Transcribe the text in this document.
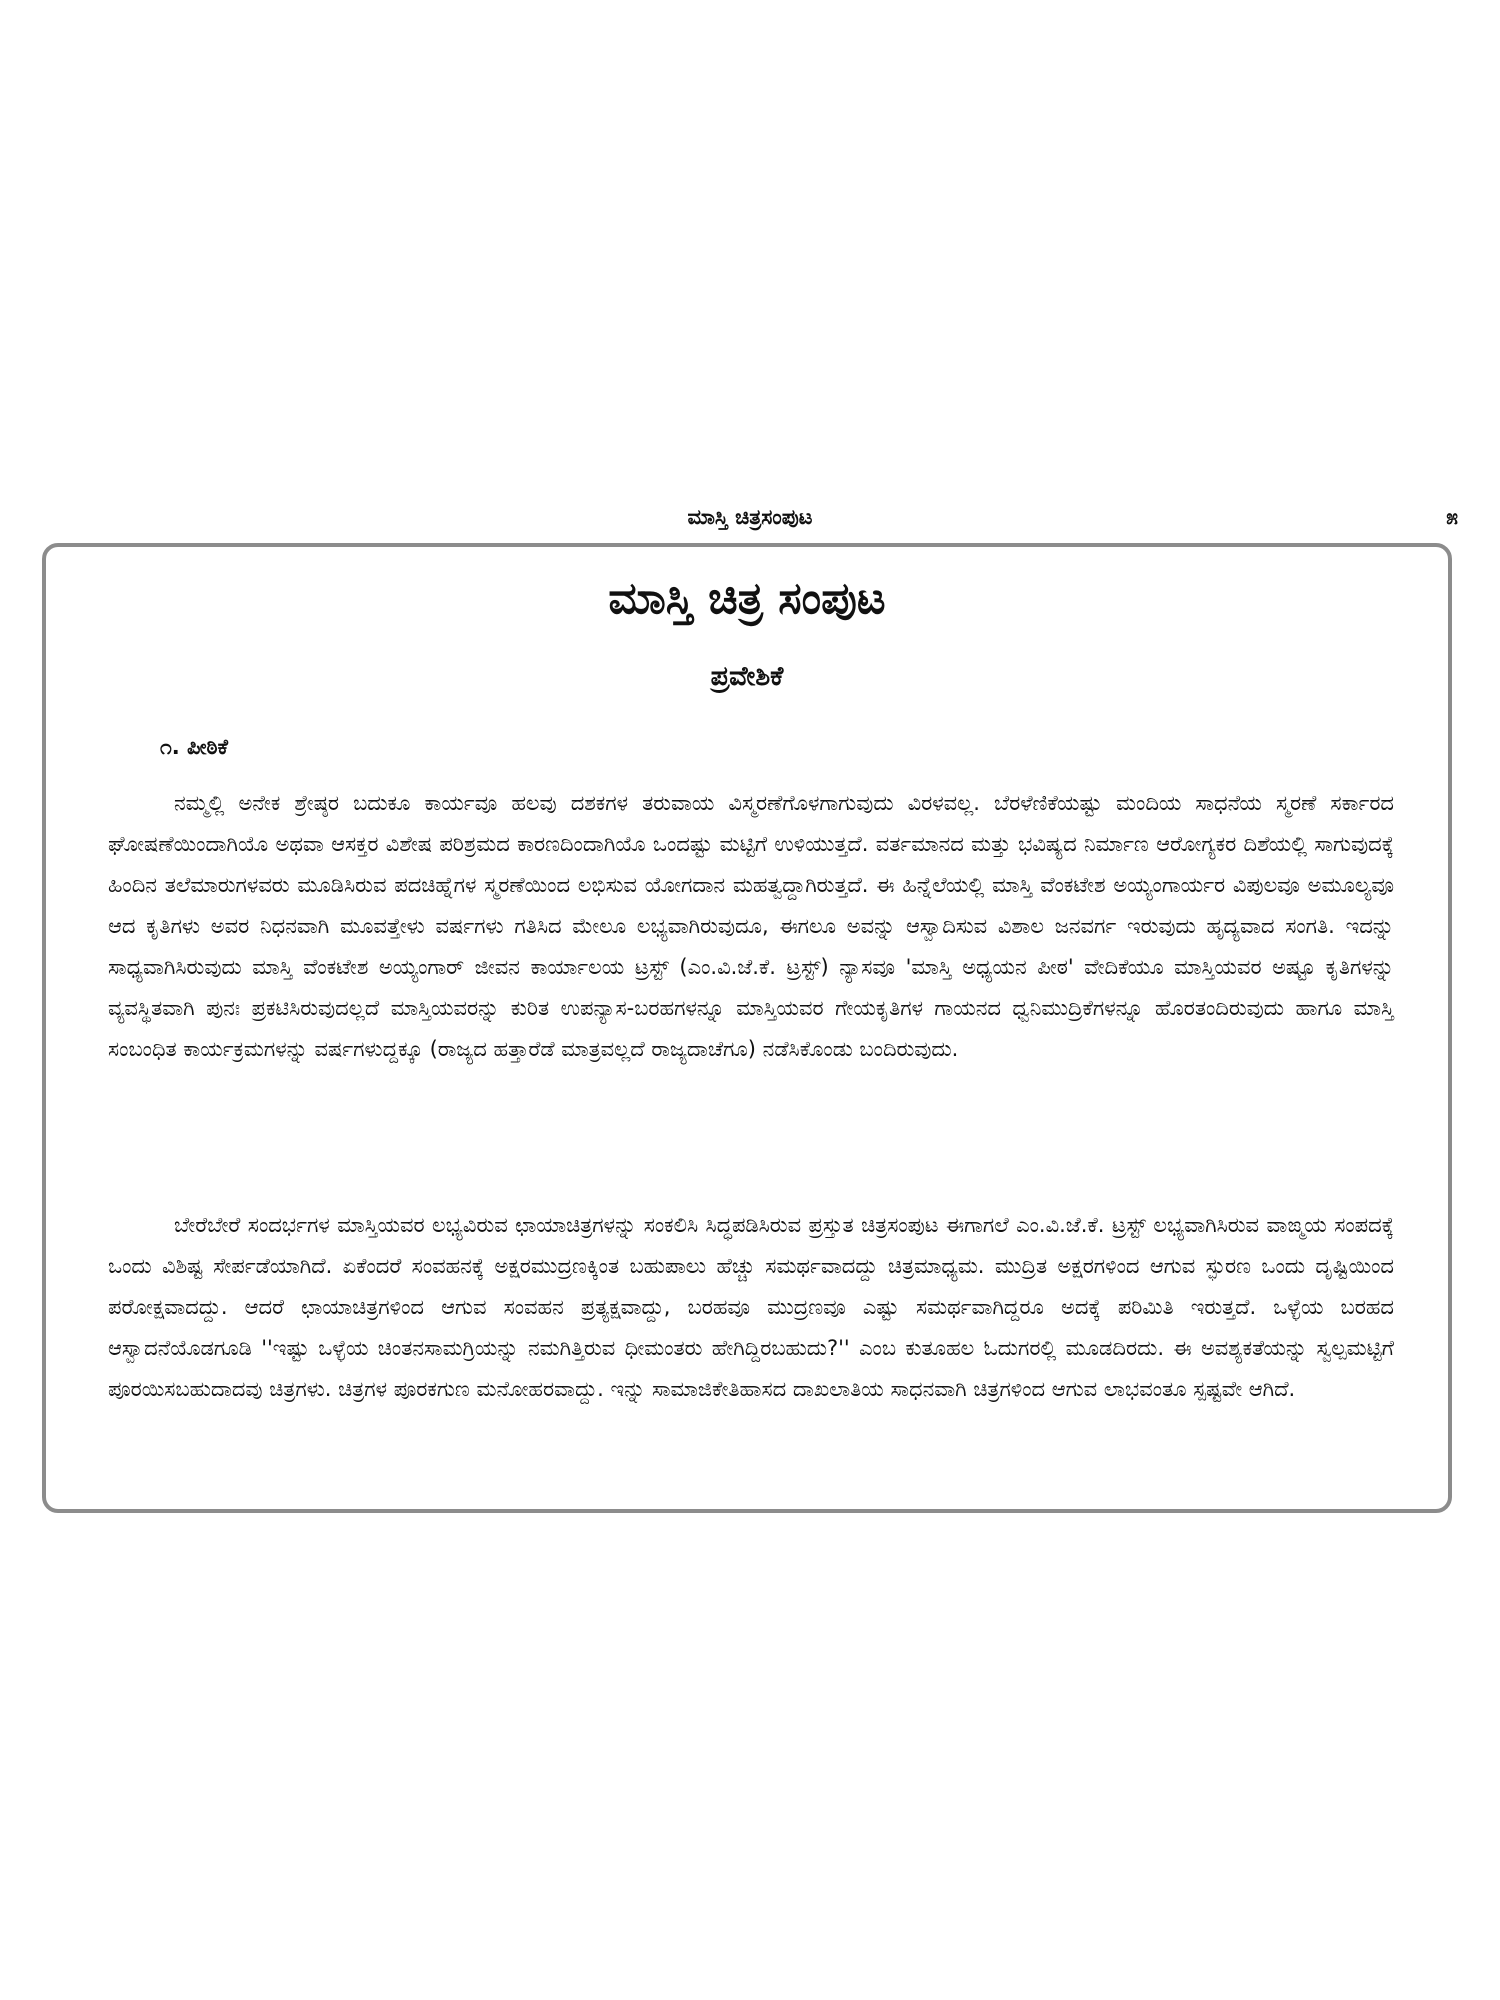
ಮಾಸ್ತಿ ಚಿತ್ರಸಂಪುಟ	೫
ಮಾಸ್ತಿ ಚಿತ್ರ ಸಂಪುಟ
ಪ್ರವೇಶಿಕೆ
೧. ಪೀಠಿಕೆ

ನಮ್ಮಲ್ಲಿ ಅನೇಕ ಶ್ರೇಷ್ಠರ ಬದುಕೂ ಕಾರ್ಯವೂ ಹಲವು ದಶಕಗಳ ತರುವಾಯ ವಿಸ್ಮರಣೆಗೊಳಗಾಗುವುದು ವಿರಳವಲ್ಲ. ಬೆರಳೆಣಿಕೆಯಷ್ಟು ಮಂದಿಯ ಸಾಧನೆಯ ಸ್ಮರಣೆ ಸರ್ಕಾರದ ಘೋಷಣೆಯಿಂದಾಗಿಯೊ ಅಥವಾ ಆಸಕ್ತರ ವಿಶೇಷ ಪರಿಶ್ರಮದ ಕಾರಣದಿಂದಾಗಿಯೊ ಒಂದಷ್ಟು ಮಟ್ಟಿಗೆ ಉಳಿಯುತ್ತದೆ. ವರ್ತಮಾನದ ಮತ್ತು ಭವಿಷ್ಯದ ನಿರ್ಮಾಣ ಆರೋಗ್ಯಕರ ದಿಶೆಯಲ್ಲಿ ಸಾಗುವುದಕ್ಕೆ ಹಿಂದಿನ ತಲೆಮಾರುಗಳವರು ಮೂಡಿಸಿರುವ ಪದಚಿಹ್ನೆಗಳ ಸ್ಮರಣೆಯಿಂದ ಲಭಿಸುವ ಯೋಗದಾನ ಮಹತ್ವದ್ದಾಗಿರುತ್ತದೆ. ಈ ಹಿನ್ನೆಲೆಯಲ್ಲಿ ಮಾಸ್ತಿ ವೆಂಕಟೇಶ ಅಯ್ಯಂಗಾರ್ಯರ ವಿಪುಲವೂ ಅಮೂಲ್ಯವೂ ಆದ ಕೃತಿಗಳು ಅವರ ನಿಧನವಾಗಿ ಮೂವತ್ತೇಳು ವರ್ಷಗಳು ಗತಿಸಿದ ಮೇಲೂ ಲಭ್ಯವಾಗಿರುವುದೂ, ಈಗಲೂ ಅವನ್ನು ಆಸ್ವಾದಿಸುವ ವಿಶಾಲ ಜನವರ್ಗ ಇರುವುದು ಹೃದ್ಯವಾದ ಸಂಗತಿ. ಇದನ್ನು ಸಾಧ್ಯವಾಗಿಸಿರುವುದು ಮಾಸ್ತಿ ವೆಂಕಟೇಶ ಅಯ್ಯಂಗಾರ್ ಜೀವನ ಕಾರ್ಯಾಲಯ ಟ್ರಸ್ಟ್ (ಎಂ.ವಿ.ಜೆ.ಕೆ. ಟ್ರಸ್ಟ್) ನ್ಯಾಸವೂ 'ಮಾಸ್ತಿ ಅಧ್ಯಯನ ಪೀಠ' ವೇದಿಕೆಯೂ ಮಾಸ್ತಿಯವರ ಅಷ್ಟೂ ಕೃತಿಗಳನ್ನು ವ್ಯವಸ್ಥಿತವಾಗಿ ಪುನಃ ಪ್ರಕಟಿಸಿರುವುದಲ್ಲದೆ ಮಾಸ್ತಿಯವರನ್ನು ಕುರಿತ ಉಪನ್ಯಾಸ-ಬರಹಗಳನ್ನೂ ಮಾಸ್ತಿಯವರ ಗೇಯಕೃತಿಗಳ ಗಾಯನದ ಧ್ವನಿಮುದ್ರಿಕೆಗಳನ್ನೂ ಹೊರತಂದಿರುವುದು ಹಾಗೂ ಮಾಸ್ತಿ ಸಂಬಂಧಿತ ಕಾರ್ಯಕ್ರಮಗಳನ್ನು ವರ್ಷಗಳುದ್ದಕ್ಕೂ (ರಾಜ್ಯದ ಹತ್ತಾರೆಡೆ ಮಾತ್ರವಲ್ಲದೆ ರಾಜ್ಯದಾಚೆಗೂ) ನಡೆಸಿಕೊಂಡು ಬಂದಿರುವುದು.

ಬೇರೆಬೇರೆ ಸಂದರ್ಭಗಳ ಮಾಸ್ತಿಯವರ ಲಭ್ಯವಿರುವ ಛಾಯಾಚಿತ್ರಗಳನ್ನು ಸಂಕಲಿಸಿ ಸಿದ್ಧಪಡಿಸಿರುವ ಪ್ರಸ್ತುತ ಚಿತ್ರಸಂಪುಟ ಈಗಾಗಲೆ ಎಂ.ವಿ.ಜೆ.ಕೆ. ಟ್ರಸ್ಟ್ ಲಭ್ಯವಾಗಿಸಿರುವ ವಾಙ್ಮಯ ಸಂಪದಕ್ಕೆ ಒಂದು ವಿಶಿಷ್ಟ ಸೇರ್ಪಡೆಯಾಗಿದೆ. ಏಕೆಂದರೆ ಸಂವಹನಕ್ಕೆ ಅಕ್ಷರಮುದ್ರಣಕ್ಕಿಂತ ಬಹುಪಾಲು ಹೆಚ್ಚು ಸಮರ್ಥವಾದದ್ದು ಚಿತ್ರಮಾಧ್ಯಮ. ಮುದ್ರಿತ ಅಕ್ಷರಗಳಿಂದ ಆಗುವ ಸ್ಫುರಣ ಒಂದು ದೃಷ್ಟಿಯಿಂದ ಪರೋಕ್ಷವಾದದ್ದು. ಆದರೆ ಛಾಯಾಚಿತ್ರಗಳಿಂದ ಆಗುವ ಸಂವಹನ ಪ್ರತ್ಯಕ್ಷವಾದ್ದು, ಬರಹವೂ ಮುದ್ರಣವೂ ಎಷ್ಟು ಸಮರ್ಥವಾಗಿದ್ದರೂ ಅದಕ್ಕೆ ಪರಿಮಿತಿ ಇರುತ್ತದೆ. ಒಳ್ಳೆಯ ಬರಹದ ಆಸ್ವಾದನೆಯೊಡಗೂಡಿ ''ಇಷ್ಟು ಒಳ್ಳೆಯ ಚಿಂತನಸಾಮಗ್ರಿಯನ್ನು ನಮಗಿತ್ತಿರುವ ಧೀಮಂತರು ಹೇಗಿದ್ದಿರಬಹುದು?'' ಎಂಬ ಕುತೂಹಲ ಓದುಗರಲ್ಲಿ ಮೂಡದಿರದು. ಈ ಅವಶ್ಯಕತೆಯನ್ನು ಸ್ವಲ್ಪಮಟ್ಟಿಗೆ ಪೂರಯಿಸಬಹುದಾದವು ಚಿತ್ರಗಳು. ಚಿತ್ರಗಳ ಪೂರಕಗುಣ ಮನೋಹರವಾದ್ದು. ಇನ್ನು ಸಾಮಾಜಿಕೇತಿಹಾಸದ ದಾಖಲಾತಿಯ ಸಾಧನವಾಗಿ ಚಿತ್ರಗಳಿಂದ ಆಗುವ ಲಾಭವಂತೂ ಸ್ಪಷ್ಟವೇ ಆಗಿದೆ.
